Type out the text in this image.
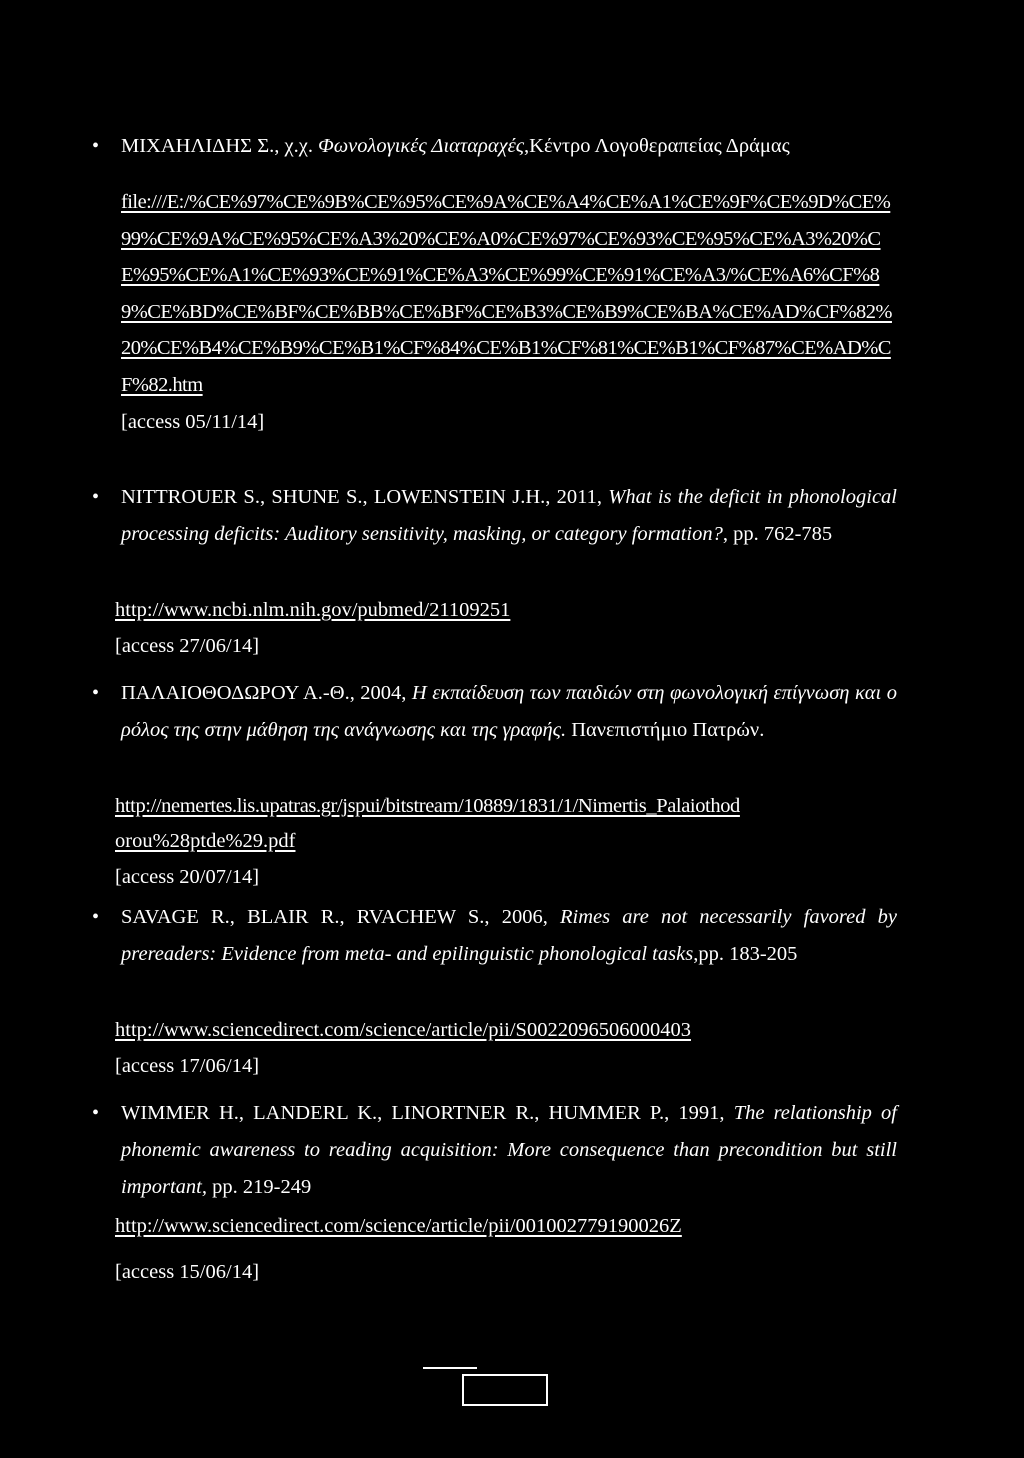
• ΜΙΧΑΗΛΙΔΗΣ Σ., χ.χ. Φωνολογικές Διαταραχές,Κέντρο Λογοθεραπείας Δράμας
file:///E:/%CE%97%CE%9B%CE%95%CE%9A%CE%A4%CE%A1%CE%9F%CE%9D%CE%99%CE%9A%CE%95%CE%A3%20%CE%A0%CE%97%CE%93%CE%95%CE%A3%20%CE%95%CE%A1%CE%93%CE%91%CE%A3%CE%99%CE%91%CE%A3/%CE%A6%CF%89%CE%BD%CE%BF%CE%BB%CE%BF%CE%B3%CE%B9%CE%BA%CE%AD%CF%82%20%CE%B4%CE%B9%CE%B1%CF%84%CE%B1%CF%81%CE%B1%CF%87%CE%AD%CF%82.htm
[access 05/11/14]
• NITTROUER S., SHUNE S., LOWENSTEIN J.H., 2011, What is the deficit in phonological processing deficits: Auditory sensitivity, masking, or category formation?, pp. 762-785
http://www.ncbi.nlm.nih.gov/pubmed/21109251
[access 27/06/14]
• ΠΑΛΑΙΟΘΟΔΩΡΟΥ Α.-Θ., 2004, Η εκπαίδευση των παιδιών στη φωνολογική επίγνωση και ο ρόλος της στην μάθηση της ανάγνωσης και της γραφής. Πανεπιστήμιο Πατρών.
http://nemertes.lis.upatras.gr/jspui/bitstream/10889/1831/1/Nimertis_Palaiothod
orou%28ptde%29.pdf
[access 20/07/14]
• SAVAGE R., BLAIR R., RVACHEW S., 2006, Rimes are not necessarily favored by prereaders: Evidence from meta- and epilinguistic phonological tasks,pp. 183-205
http://www.sciencedirect.com/science/article/pii/S0022096506000403
[access 17/06/14]
• WIMMER H., LANDERL K., LINORTNER R., HUMMER P., 1991, The relationship of phonemic awareness to reading acquisition: More consequence than precondition but still important, pp. 219-249
http://www.sciencedirect.com/science/article/pii/001002779190026Z
[access 15/06/14]
